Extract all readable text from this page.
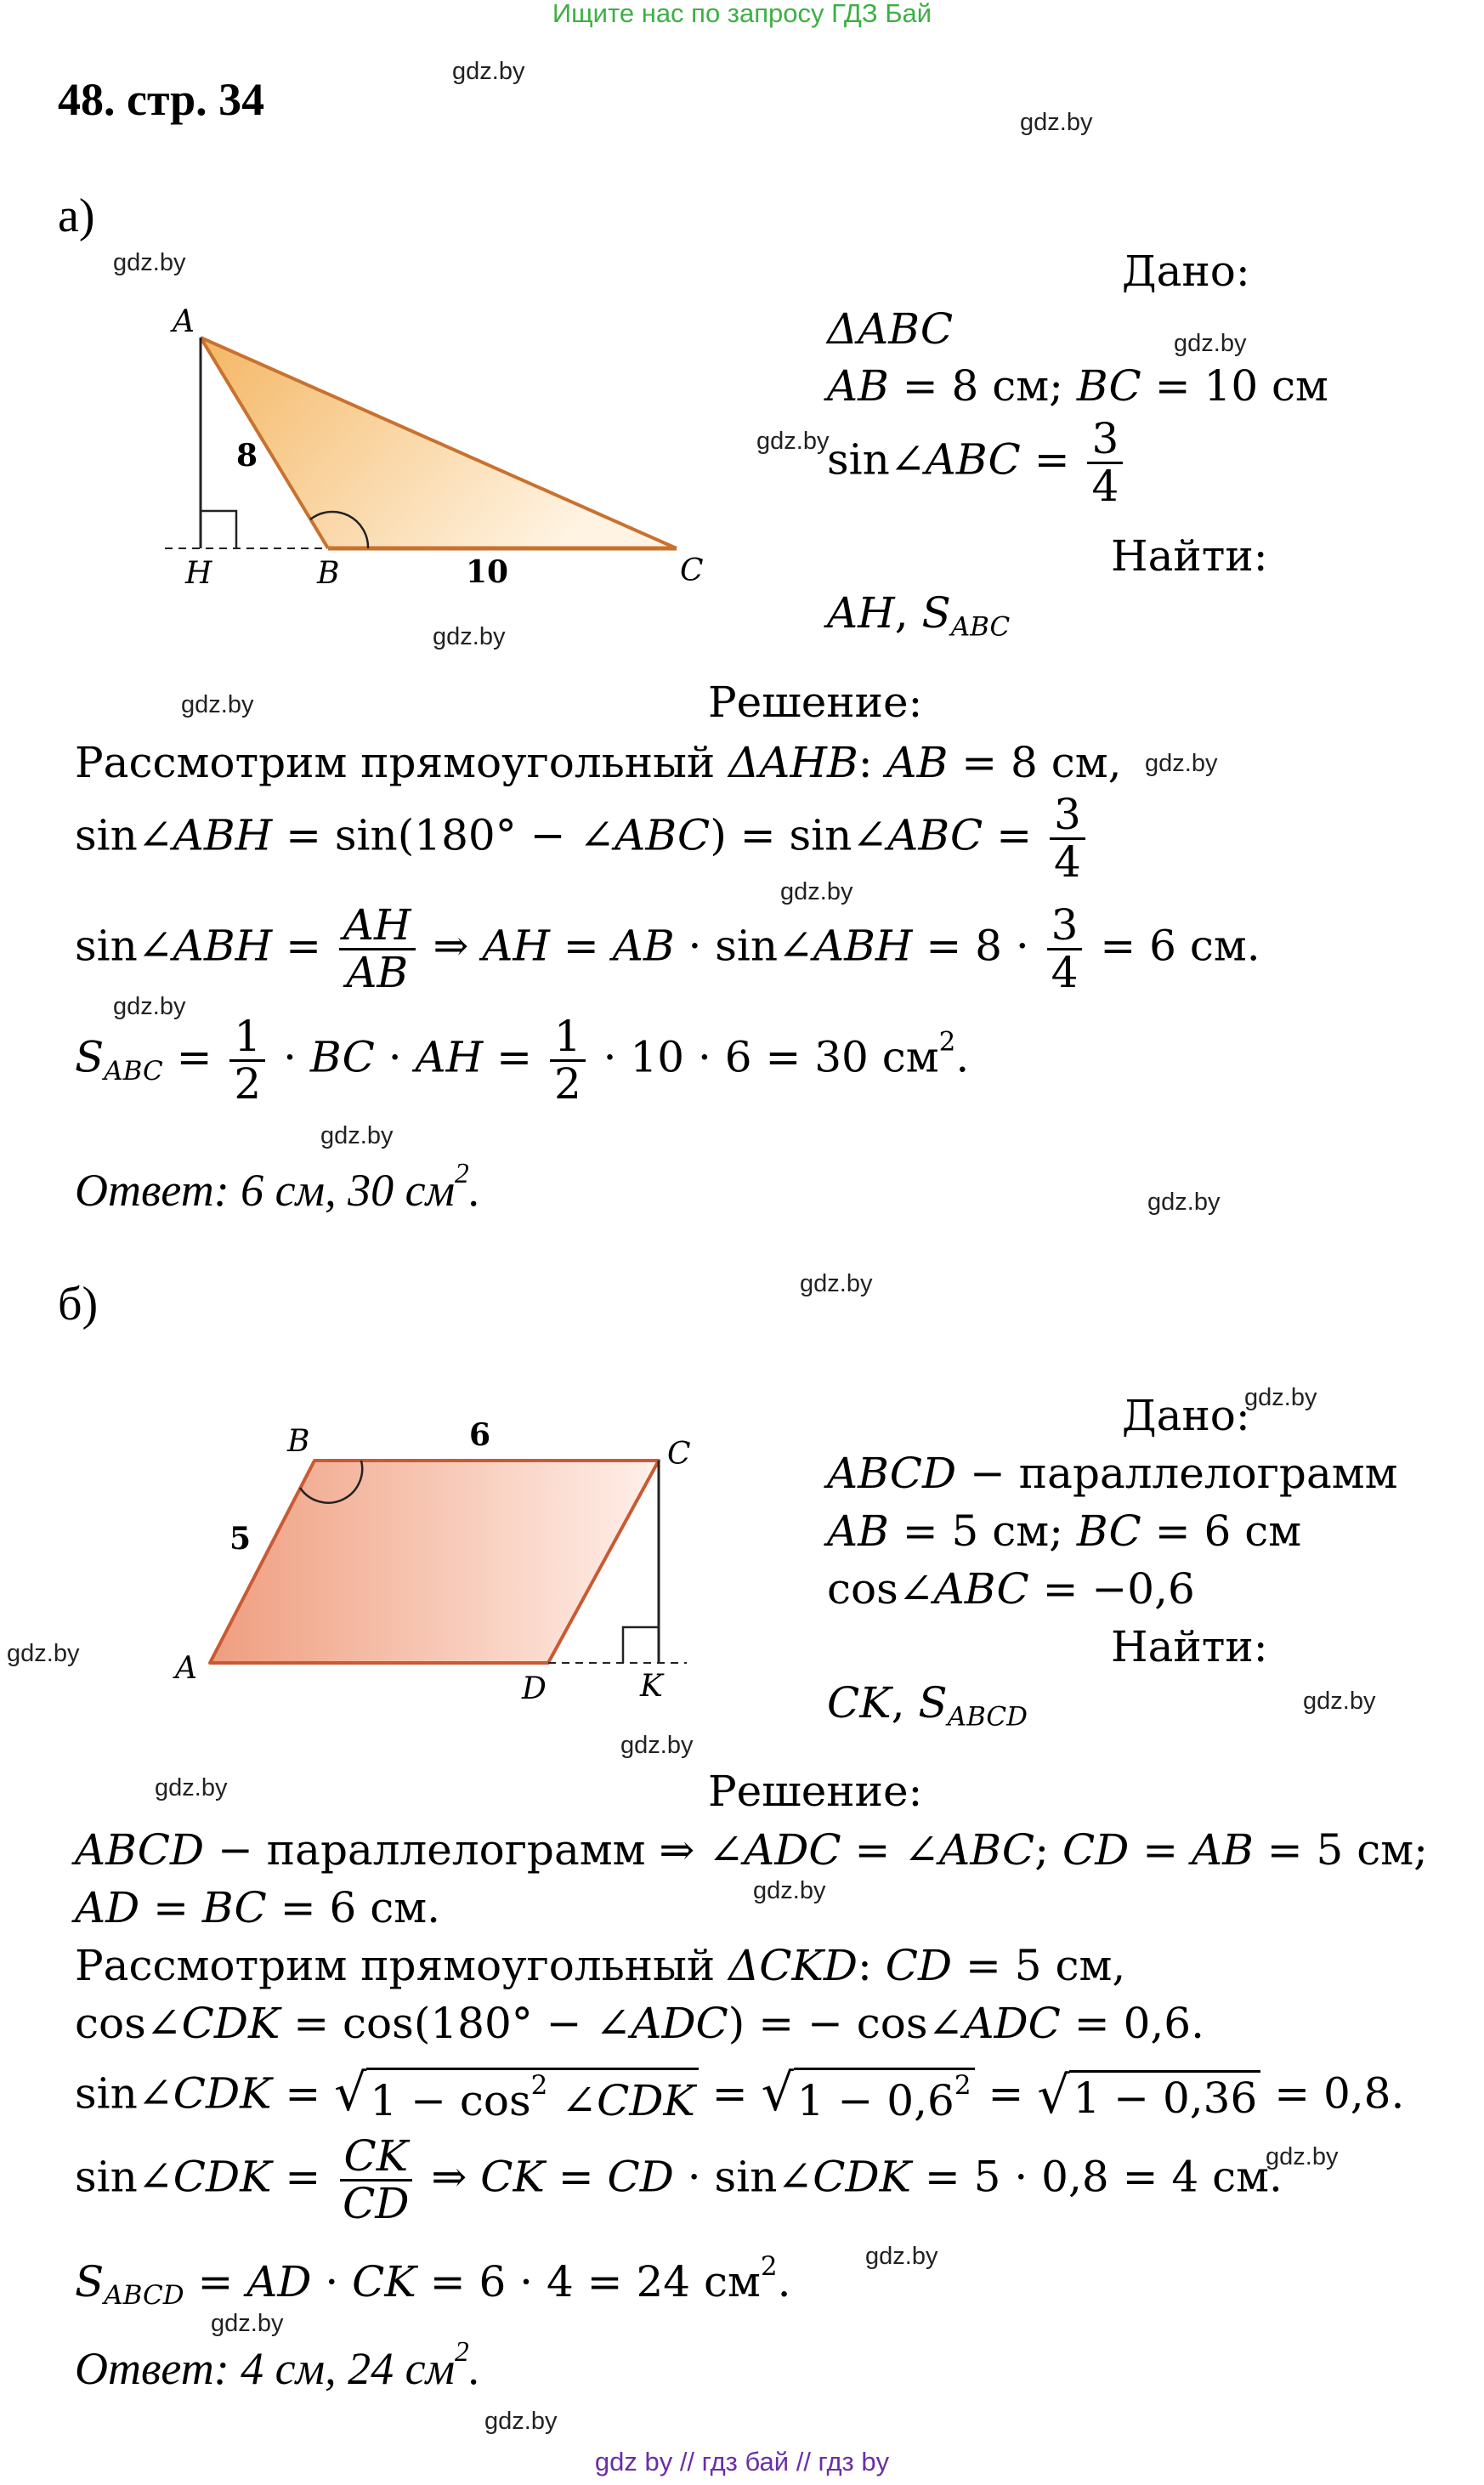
Ищите нас по запросу ГДЗ Бай
gdz by // гдз бай // гдз by
gdz.by
gdz.by
gdz.by
gdz.by
gdz.by
gdz.by
gdz.by
gdz.by
gdz.by
gdz.by
gdz.by
gdz.by
gdz.by
gdz.by
gdz.by
gdz.by
gdz.by
gdz.by
gdz.by
gdz.by
gdz.by
gdz.by
gdz.by
48. стр. 34
а)
A
H	B	C
8
10
Дано:
ΔABC
AB = 8 см; BC = 10 см
sin∠ABC = $\frac{3}{4}$
Найти:
AH, $S_{ABC}$
Решение:
Рассмотрим прямоугольный ΔAHB: AB = 8 см,
sin∠ABH = sin(180° − ∠ABC) = sin∠ABC = $\frac{3}{4}$
sin∠ABH = $\frac{AH}{AB}$ ⇒ AH = AB · sin∠ABH = $8 \cdot \frac{3}{4} = 6$ см.
$S_{ABC} = \frac{1}{2}$ · BC · AH = $\frac{1}{2} \cdot 10 \cdot 6 = 30$ $см^2$.
Ответ: 6 см, 30 $см^2$.
б)
B	C
A
D	K
6
5
Дано:
ABCD − параллелограмм
AB = 5 см; BC = 6 см
cos∠ABC = −0,6
Найти:
CK, $S_{ABCD}$
Решение:
ABCD − параллелограмм ⇒ ∠ADC = ∠ABC; CD = AB = 5 см;
AD = BC = 6 см.
Рассмотрим прямоугольный ΔCKD: CD = 5 см,
cos∠CDK = cos(180° − ∠ADC) = − cos∠ADC = 0,6.
sin∠CDK = √ $1 - \cos^2$ ∠CDK = √ $1 - 0,6^2$ = √ 1 − 0,36 = 0,8.
sin∠CDK = $\frac{CK}{CD}$ ⇒ CK = CD · sin∠CDK = 5 · 0,8 = 4 см.
$S_{ABCD}$ = AD · CK = 6 · 4 = 24 $см^2$.
Ответ: 4 см, 24 $см^2$.
